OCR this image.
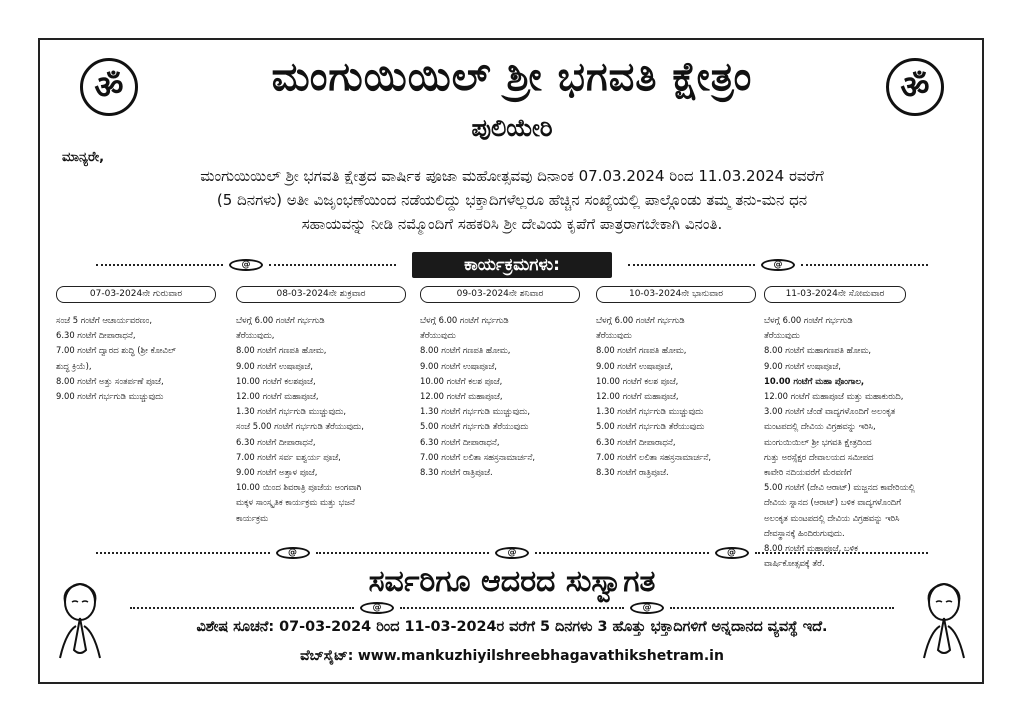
ॐ	ॐ
ಮಂಗುಯಿಯಿಲ್ ಶ್ರೀ ಭಗವತಿ ಕ್ಷೇತ್ರಂ
ಪುಲಿಯೇರಿ
ಮಾನ್ಯರೇ,
ಮಂಗುಯಿಯಿಲ್ ಶ್ರೀ ಭಗವತಿ ಕ್ಷೇತ್ರದ ವಾರ್ಷಿಕ ಪೂಜಾ ಮಹೋತ್ಸವವು ದಿನಾಂಕ 07.03.2024 ರಿಂದ 11.03.2024 ರವರೆಗೆ
(5 ದಿನಗಳು) ಅತೀ ವಿಜೃಂಭಣೆಯಿಂದ ನಡೆಯಲಿದ್ದು ಭಕ್ತಾದಿಗಳೆಲ್ಲರೂ ಹೆಚ್ಚಿನ ಸಂಖ್ಯೆಯಲ್ಲಿ ಪಾಲ್ಗೊಂಡು ತಮ್ಮ ತನು-ಮನ ಧನ
ಸಹಾಯವನ್ನು ನೀಡಿ ನಮ್ಮೊಂದಿಗೆ ಸಹಕರಿಸಿ ಶ್ರೀ ದೇವಿಯ ಕೃಪೆಗೆ ಪಾತ್ರರಾಗಬೇಕಾಗಿ ವಿನಂತಿ.
@	ಕಾರ್ಯಕ್ರಮಗಳು:	@
07-03-2024ನೇ ಗುರುವಾರ
ಸಂಜೆ 5 ಗಂಟೆಗೆ ಆಚಾರ್ಯವರಣಂ,
6.30 ಗಂಟೆಗೆ ದೀಪಾರಾಧನೆ,
7.00 ಗಂಟೆಗೆ ದ್ವಾರದ ಶುದ್ಧಿ (ಶ್ರೀ ಕೋವಿಲ್
ಶುದ್ಧ ಕ್ರಿಯೆ),
8.00 ಗಂಟೆಗೆ ಅತ್ತು ಸಂತರ್ಪಣೆ ಪೂಜೆ,
9.00 ಗಂಟೆಗೆ ಗರ್ಭಗುಡಿ ಮುಚ್ಚುವುದು
08-03-2024ನೇ ಶುಕ್ರವಾರ
ಬೆಳಗ್ಗೆ 6.00 ಗಂಟೆಗೆ ಗರ್ಭಗುಡಿ
ತೆರೆಯುವುದು,
8.00 ಗಂಟೆಗೆ ಗಣಪತಿ ಹೋಮ,
9.00 ಗಂಟೆಗೆ ಉಷಾಪೂಜೆ,
10.00 ಗಂಟೆಗೆ ಕಲಶಪೂಜೆ,
12.00 ಗಂಟೆಗೆ ಮಹಾಪೂಜೆ,
1.30 ಗಂಟೆಗೆ ಗರ್ಭಗುಡಿ ಮುಚ್ಚುವುದು,
ಸಂಜೆ 5.00 ಗಂಟೆಗೆ ಗರ್ಭಗುಡಿ ತೆರೆಯುವುದು,
6.30 ಗಂಟೆಗೆ ದೀಪಾರಾಧನೆ,
7.00 ಗಂಟೆಗೆ ಸರ್ವ ಐಶ್ವರ್ಯ ಪೂಜೆ,
9.00 ಗಂಟೆಗೆ ಅತ್ತಾಳ ಪೂಜೆ,
10.00 ಯಿಂದ ಶಿವರಾತ್ರಿ ಪೂಜೆಯ ಅಂಗವಾಗಿ
ಮಕ್ಕಳ ಸಾಂಸ್ಕೃತಿಕ ಕಾರ್ಯಕ್ರಮ ಮತ್ತು ಭಜನೆ
ಕಾರ್ಯಕ್ರಮ
09-03-2024ನೇ ಶನಿವಾರ
ಬೆಳಗ್ಗೆ 6.00 ಗಂಟೆಗೆ ಗರ್ಭಗುಡಿ
ತೆರೆಯುವುದು
8.00 ಗಂಟೆಗೆ ಗಣಪತಿ ಹೋಮ,
9.00 ಗಂಟೆಗೆ ಉಷಾಪೂಜೆ,
10.00 ಗಂಟೆಗೆ ಕಲಶ ಪೂಜೆ,
12.00 ಗಂಟೆಗೆ ಮಹಾಪೂಜೆ,
1.30 ಗಂಟೆಗೆ ಗರ್ಭಗುಡಿ ಮುಚ್ಚುವುದು,
5.00 ಗಂಟೆಗೆ ಗರ್ಭಗುಡಿ ತೆರೆಯುವುದು
6.30 ಗಂಟೆಗೆ ದೀಪಾರಾಧನೆ,
7.00 ಗಂಟೆಗೆ ಲಲಿತಾ ಸಹಸ್ರನಾಮಾರ್ಚನೆ,
8.30 ಗಂಟೆಗೆ ರಾತ್ರಿಪೂಜೆ.
10-03-2024ನೇ ಭಾನುವಾರ
ಬೆಳಗ್ಗೆ 6.00 ಗಂಟೆಗೆ ಗರ್ಭಗುಡಿ
ತೆರೆಯುವುದು
8.00 ಗಂಟೆಗೆ ಗಣಪತಿ ಹೋಮ,
9.00 ಗಂಟೆಗೆ ಉಷಾಪೂಜೆ,
10.00 ಗಂಟೆಗೆ ಕಲಶ ಪೂಜೆ,
12.00 ಗಂಟೆಗೆ ಮಹಾಪೂಜೆ,
1.30 ಗಂಟೆಗೆ ಗರ್ಭಗುಡಿ ಮುಚ್ಚುವುದು
5.00 ಗಂಟೆಗೆ ಗರ್ಭಗುಡಿ ತೆರೆಯುವುದು
6.30 ಗಂಟೆಗೆ ದೀಪಾರಾಧನೆ,
7.00 ಗಂಟೆಗೆ ಲಲಿತಾ ಸಹಸ್ರನಾಮಾರ್ಚನೆ,
8.30 ಗಂಟೆಗೆ ರಾತ್ರಿಪೂಜೆ.
11-03-2024ನೇ ಸೋಮವಾರ
ಬೆಳಗ್ಗೆ 6.00 ಗಂಟೆಗೆ ಗರ್ಭಗುಡಿ
ತೆರೆಯುವುದು
8.00 ಗಂಟೆಗೆ ಮಹಾಗಣಪತಿ ಹೋಮ,
9.00 ಗಂಟೆಗೆ ಉಷಾಪೂಜೆ,
10.00 ಗಂಟೆಗೆ ಮಹಾ ಪೊಂಗಾಲ,
12.00 ಗಂಟೆಗೆ ಮಹಾಪೂಜೆ ಮತ್ತು ಮಹಾಕುರುದಿ,
3.00 ಗಂಟೆಗೆ ಚೆಂಡೆ ವಾದ್ಯಗಳೊಂದಿಗೆ ಅಲಂಕೃತ
ಮಂಟಪದಲ್ಲಿ ದೇವಿಯ ವಿಗ್ರಹವನ್ನು ಇರಿಸಿ,
ಮಂಗುಯಿಯಿಲ್ ಶ್ರೀ ಭಗವತಿ ಕ್ಷೇತ್ರದಿಂದ
ಗುತ್ತು ಅರಸ್ಸೆಕ್ಷರ ದೇವಾಲಯದ ಸಮೀಪದ
ಕಾವೇರಿ ನದಿಯವರೆಗೆ ಮೆರವಣಿಗೆ
5.00 ಗಂಟೆಗೆ (ದೇವಿ ಆರಾಟ್) ಮಜ್ಜನದ ಕಾವೇರಿಯಲ್ಲಿ
ದೇವಿಯ ಸ್ನಾನದ (ಆರಾಟ್) ಬಳಿಕ ವಾದ್ಯಗಳೊಂದಿಗೆ
ಅಲಂಕೃತ ಮಂಟಪದಲ್ಲಿ ದೇವಿಯ ವಿಗ್ರಹವನ್ನು ಇರಿಸಿ
ದೇವಸ್ಥಾನಕ್ಕೆ ಹಿಂದಿರುಗುವುದು.
8.00 ಗಂಟೆಗೆ ಮಹಾಪೂಜೆ, ಬಳಿಕ
ವಾರ್ಷಿಕೋತ್ಸವಕ್ಕೆ ತೆರೆ.
@	@	@
ಸರ್ವರಿಗೂ ಆದರದ ಸುಸ್ವಾಗತ
@	@
ವಿಶೇಷ ಸೂಚನೆ: 07-03-2024 ರಿಂದ 11-03-2024ರ ವರೆಗೆ 5 ದಿನಗಳು 3 ಹೊತ್ತು ಭಕ್ತಾದಿಗಳಿಗೆ ಅನ್ನದಾನದ ವ್ಯವಸ್ಥೆ ಇದೆ.
ವೆಬ್‌ಸೈಟ್: www.mankuzhiyilshreebhagavathikshetram.in
